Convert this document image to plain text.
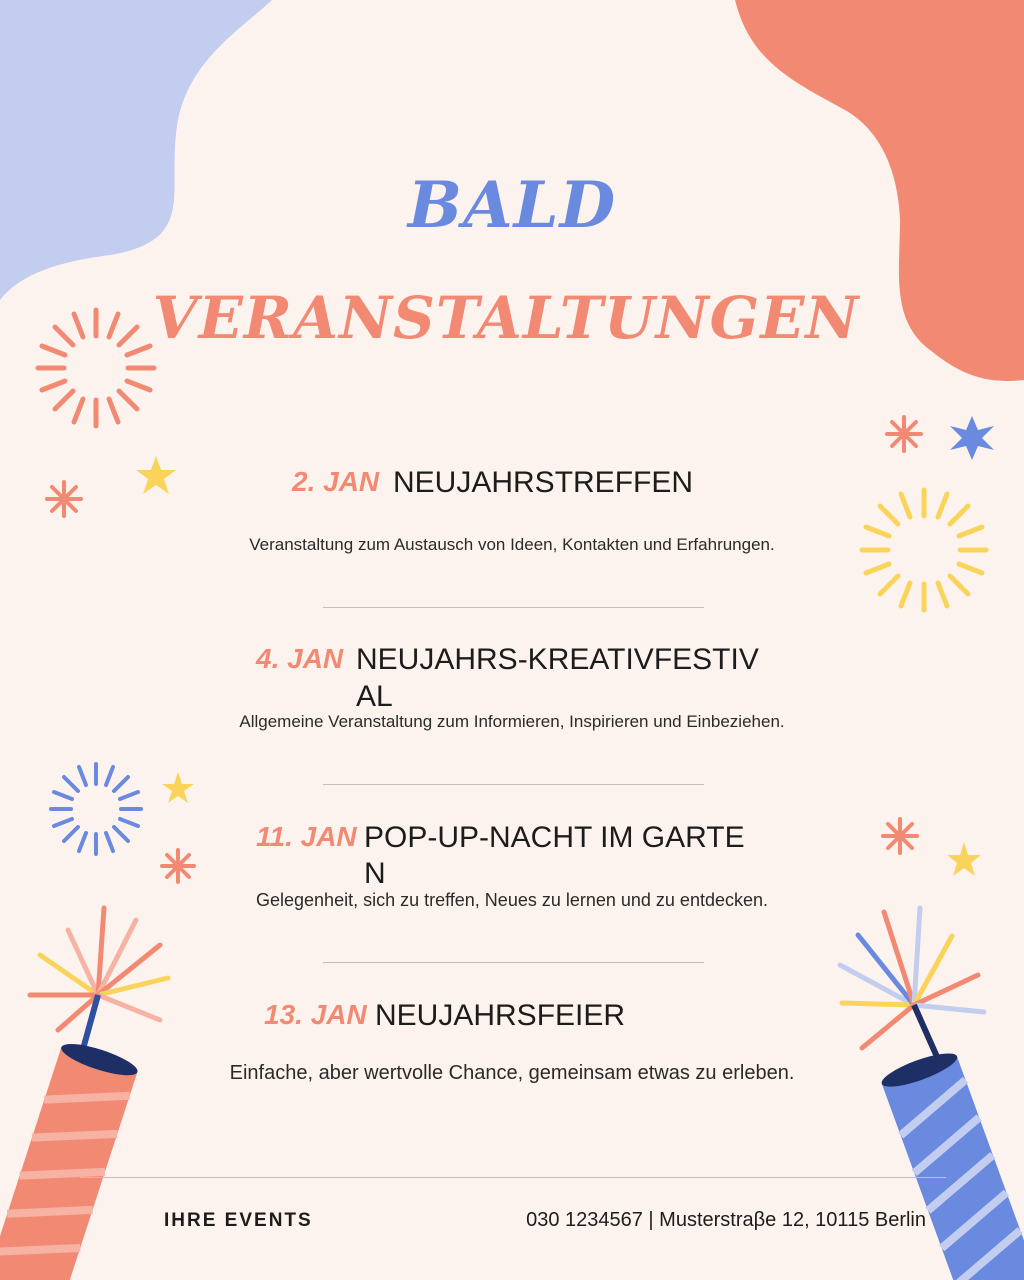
BALD
VERANSTALTUNGEN
2. JAN NEUJAHRSTREFFEN
Veranstaltung zum Austausch von Ideen, Kontakten und Erfahrungen.
4. JAN NEUJAHRS-KREATIVFESTIV
AL
Allgemeine Veranstaltung zum Informieren, Inspirieren und Einbeziehen.
11. JAN POP-UP-NACHT IM GARTE
N
Gelegenheit, sich zu treffen, Neues zu lernen und zu entdecken.
13. JAN NEUJAHRSFEIER
Einfache, aber wertvolle Chance, gemeinsam etwas zu erleben.
IHRE EVENTS	030 1234567 | Musterstraβe 12, 10115 Berlin
